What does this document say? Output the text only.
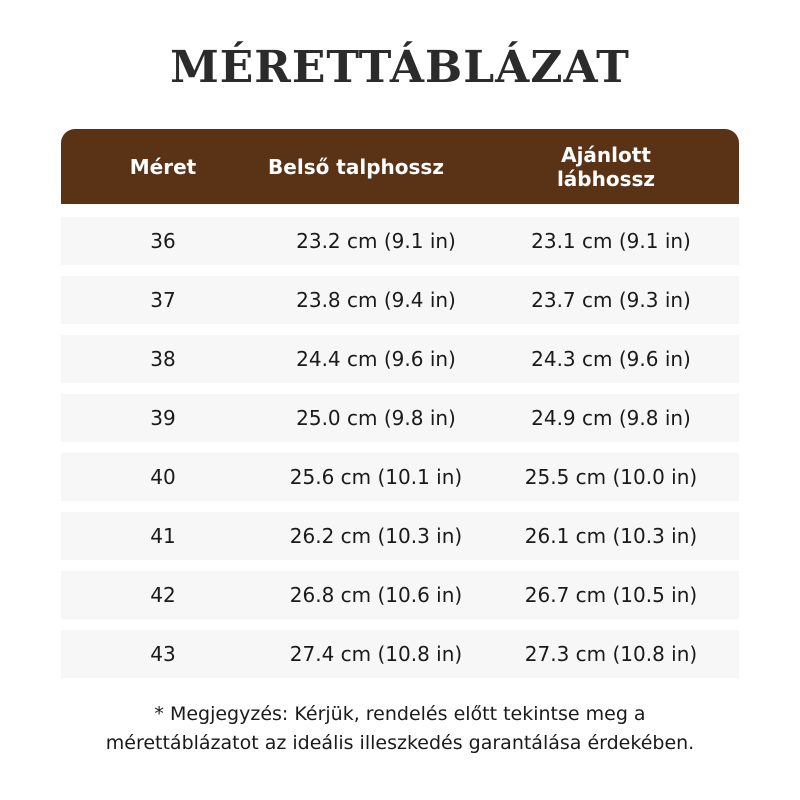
MÉRETTÁBLÁZAT
Méret	Belső talphossz	Ajánlott
lábhossz
36	23.2 cm (9.1 in)	23.1 cm (9.1 in)
37	23.8 cm (9.4 in)	23.7 cm (9.3 in)
38	24.4 cm (9.6 in)	24.3 cm (9.6 in)
39	25.0 cm (9.8 in)	24.9 cm (9.8 in)
40	25.6 cm (10.1 in)	25.5 cm (10.0 in)
41	26.2 cm (10.3 in)	26.1 cm (10.3 in)
42	26.8 cm (10.6 in)	26.7 cm (10.5 in)
43	27.4 cm (10.8 in)	27.3 cm (10.8 in)
* Megjegyzés: Kérjük, rendelés előtt tekintse meg a
mérettáblázatot az ideális illeszkedés garantálása érdekében.
